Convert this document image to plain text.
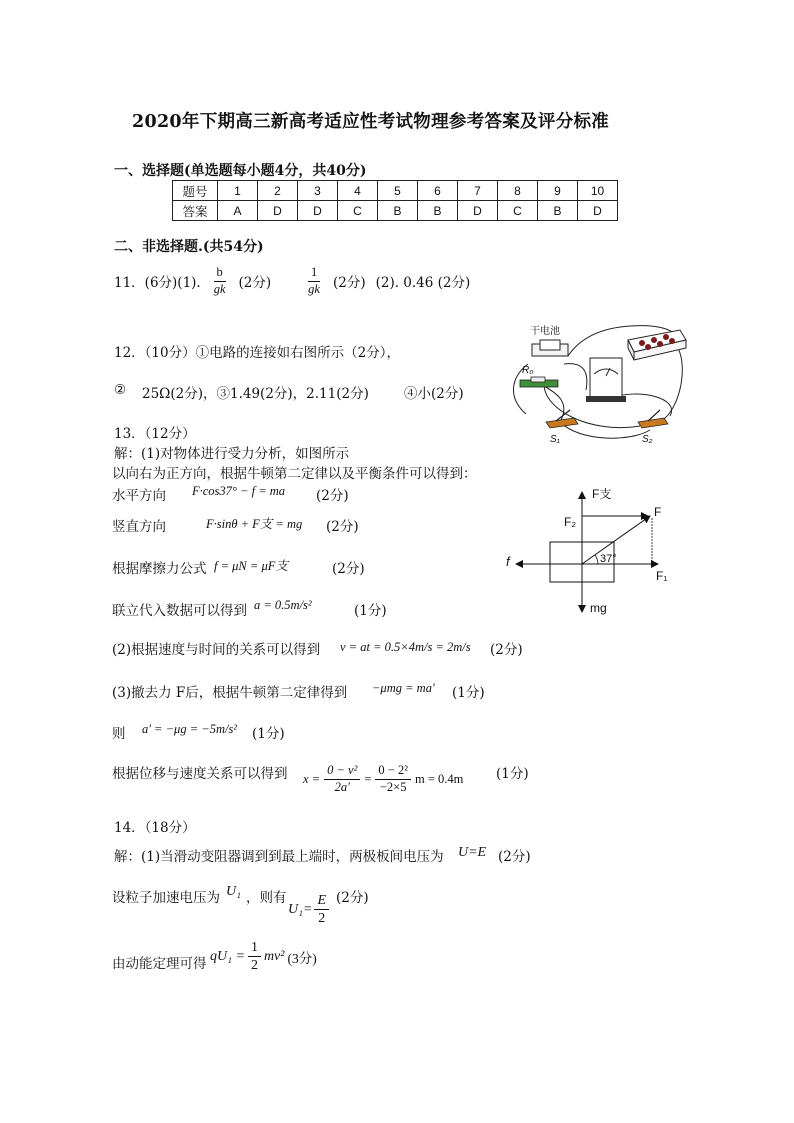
2020年下期高三新高考适应性考试物理参考答案及评分标准
一、选择题(单选题每小题4分，共40分)
题号	1	2	3	4	5	6	7	8	9	10
答案	A	D	D	C	B	B	D	C	B	D
二、非选择题.(共54分)
11．(6分)(1). $\frac{b}{gk} (2$分)	$\frac{1}{gk} (2$分) (2). 0.46 (2分)
12．（10分）①电路的连接如右图所示（2分），
② 25Ω(2分)，③1.49(2分)，2.11(2分)	④小(2分)
干电池
R₀
S₁	S₂
13．（12分）
解：(1)对物体进行受力分析，如图所示
以向右为正方向，根据牛顿第二定律以及平衡条件可以得到：
水平方向 F·cos37° − f = ma (2分)
竖直方向	F·sinθ + F支 = mg (2分)
根据摩擦力公式 f = μN = μF支	(2分)
联立代入数据可以得到 a = 0.5m/s²	(1分)
(2)根据速度与时间的关系可以得到 v = at = 0.5×4m/s = 2m/s (2分)
(3)撤去力 F后，根据牛顿第二定律得到 −μmg = ma' (1分)
则 a' = −μg = −5m/s² (1分)
根据位移与速度关系可以得到 $x = \frac{\text{0 − v²}}{2a'} = \frac{\text{0 − 2²}}{-2\times 5}$ m = 0.4m (1分)
F支
F₂
F
F₁
f
mg
37°
14．（18分）
解：(1)当滑动变阻器调到到最上端时，两极板间电压为 U=E (2分)
设粒子加速电压为 U₁ ，则有	(2分)
$U_1= \frac{E}{2}$
由动能定理可得 $qU_1 = \frac{1}{2} mv^2$ (3分)
